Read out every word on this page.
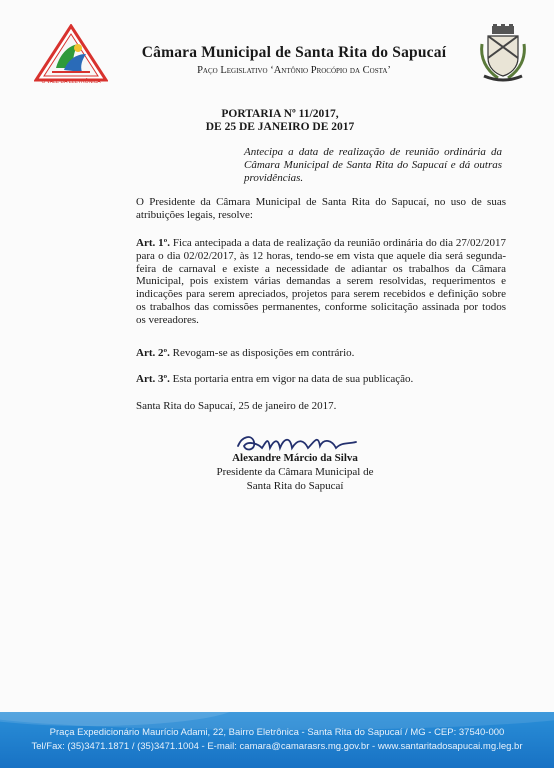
O VALE DA ELETRÔNICA
Câmara Municipal de Santa Rita do Sapucaí
Paço Legislativo ‘Antônio Procópio da Costa’
PORTARIA Nº 11/2017,
DE 25 DE JANEIRO DE 2017
Antecipa a data de realização de reunião ordinária da Câmara Municipal de Santa Rita do Sapucaí e dá outras providências.
O Presidente da Câmara Municipal de Santa Rita do Sapucaí, no uso de suas atribuições legais, resolve:
Art. 1º. Fica antecipada a data de realização da reunião ordinária do dia 27/02/2017 para o dia 02/02/2017, às 12 horas, tendo-se em vista que aquele dia será segunda-feira de carnaval e existe a necessidade de adiantar os trabalhos da Câmara Municipal, pois existem várias demandas a serem resolvidas, requerimentos e indicações para serem apreciados, projetos para serem recebidos e definição sobre os trabalhos das comissões permanentes, conforme solicitação assinada por todos os vereadores.
Art. 2º. Revogam-se as disposições em contrário.
Art. 3º. Esta portaria entra em vigor na data de sua publicação.
Santa Rita do Sapucaí, 25 de janeiro de 2017.
Alexandre Márcio da Silva
Presidente da Câmara Municipal de
Santa Rita do Sapucaí
Praça Expedicionário Maurício Adami, 22, Bairro Eletrônica - Santa Rita do Sapucaí / MG - CEP: 37540-000
Tel/Fax: (35)3471.1871 / (35)3471.1004 - E-mail: camara@camarasrs.mg.gov.br - www.santaritadosapucai.mg.leg.br
